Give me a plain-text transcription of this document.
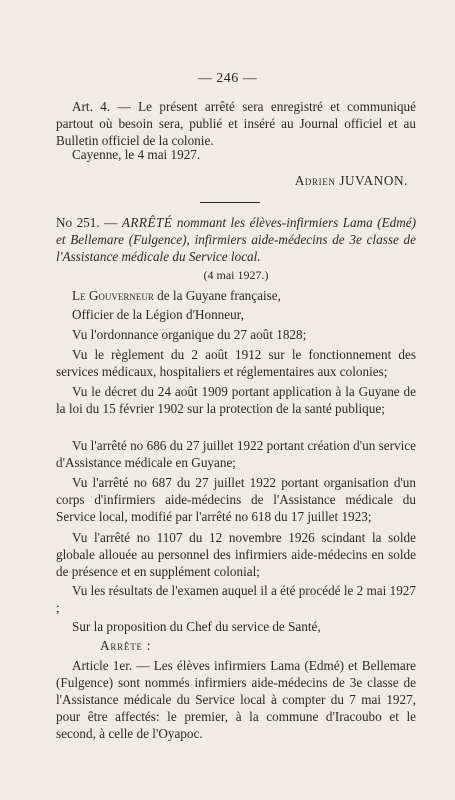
— 246 —

Art. 4. — Le présent arrêté sera enregistré et communiqué partout où besoin sera, publié et inséré au Journal officiel et au Bulletin officiel de la colonie.

Cayenne, le 4 mai 1927.

Adrien JUVANON.

No 251. — ARRÊTÉ nommant les élèves-infirmiers Lama (Edmé) et Bellemare (Fulgence), infirmiers aide-médecins de 3e classe de l'Assistance médicale du Service local.

(4 mai 1927.)

Le Gouverneur de la Guyane française,

Officier de la Légion d'Honneur,

Vu l'ordonnance organique du 27 août 1828;

Vu le règlement du 2 août 1912 sur le fonctionnement des services médicaux, hospitaliers et réglementaires aux colonies;

Vu le décret du 24 août 1909 portant application à la Guyane de la loi du 15 février 1902 sur la protection de la santé publique;

Vu l'arrêté no 686 du 27 juillet 1922 portant création d'un service d'Assistance médicale en Guyane;

Vu l'arrêté no 687 du 27 juillet 1922 portant organisation d'un corps d'infirmiers aide-médecins de l'Assistance médicale du Service local, modifié par l'arrêté no 618 du 17 juillet 1923;

Vu l'arrêté no 1107 du 12 novembre 1926 scindant la solde globale allouée au personnel des infirmiers aide-médecins en solde de présence et en supplément colonial;

Vu les résultats de l'examen auquel il a été procédé le 2 mai 1927 ;

Sur la proposition du Chef du service de Santé,

Arrête :

Article 1er. — Les élèves infirmiers Lama (Edmé) et Bellemare (Fulgence) sont nommés infirmiers aide-médecins de 3e classe de l'Assistance médicale du Service local à compter du 7 mai 1927, pour être affectés: le premier, à la commune d'Iracoubo et le second, à celle de l'Oyapoc.
